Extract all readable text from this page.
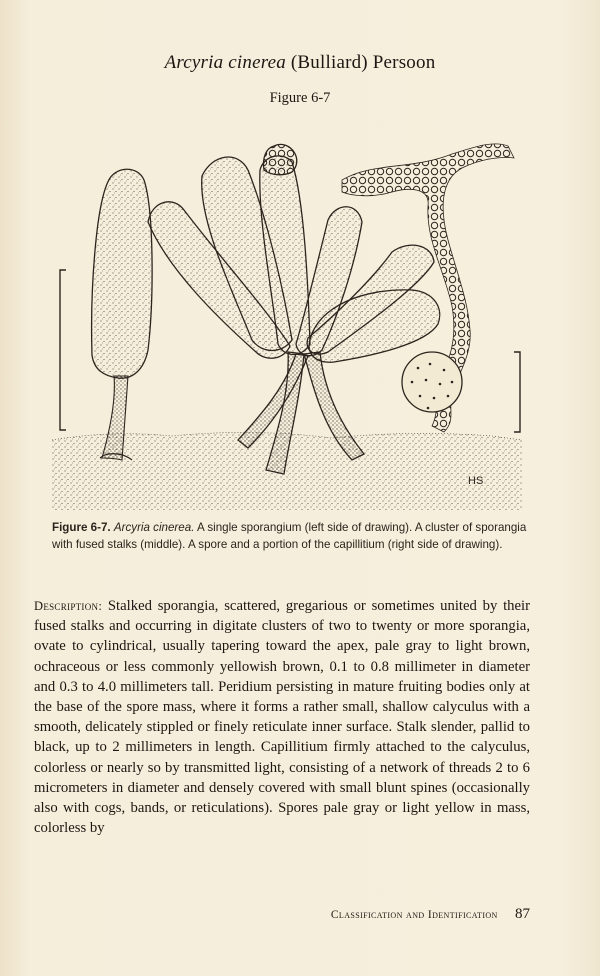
Arcyria cinerea (Bulliard) Persoon
Figure 6-7
HS
Figure 6-7. Arcyria cinerea. A single sporangium (left side of drawing). A cluster of sporangia with fused stalks (middle). A spore and a portion of the capillitium (right side of drawing).
Description: Stalked sporangia, scattered, gregarious or sometimes united by their fused stalks and occurring in digitate clusters of two to twenty or more sporangia, ovate to cylindrical, usually tapering toward the apex, pale gray to light brown, ochraceous or less commonly yellowish brown, 0.1 to 0.8 millimeter in diameter and 0.3 to 4.0 millimeters tall. Peridium persisting in mature fruiting bodies only at the base of the spore mass, where it forms a rather small, shallow calyculus with a smooth, delicately stippled or finely reticulate inner surface. Stalk slender, pallid to black, up to 2 millimeters in length. Capillitium firmly attached to the calyculus, colorless or nearly so by transmitted light, consisting of a network of threads 2 to 6 micrometers in diameter and densely covered with small blunt spines (occasionally also with cogs, bands, or reticulations). Spores pale gray or light yellow in mass, colorless by
Classification and Identification 87
